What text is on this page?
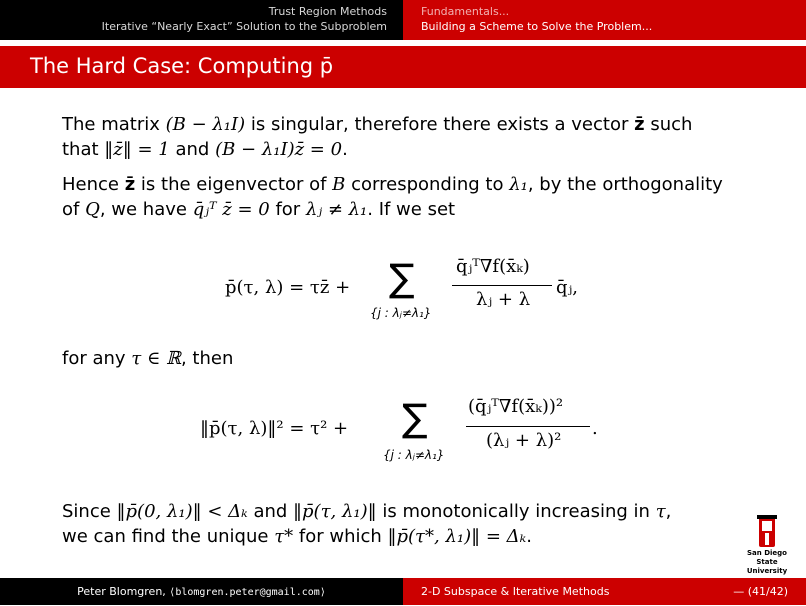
Trust Region Methods
Iterative “Nearly Exact” Solution to the Subproblem
Fundamentals...
Building a Scheme to Solve the Problem...
The Hard Case: Computing p̄

The matrix (B − λ₁I) is singular, therefore there exists a vector z̄ such
that ‖z̄‖ = 1 and (B − λ₁I)z̄ = 0.

Hence z̄ is the eigenvector of B corresponding to λ₁, by the orthogonality
of Q, we have q̄ⱼᵀ z̄ = 0 for λⱼ ≠ λ₁. If we set

p̄(τ, λ) = τz̄ + ∑
{j : λⱼ≠λ₁}
q̄ⱼᵀ∇f(x̄ₖ)
λⱼ + λ
q̄ⱼ,
for any τ ∈ ℝ, then
‖p̄(τ, λ)‖² = τ² + ∑
{j : λⱼ≠λ₁}
(q̄ⱼᵀ∇f(x̄ₖ))²
(λⱼ + λ)²
.
Since ‖p̄(0, λ₁)‖ < Δₖ and ‖p̄(τ, λ₁)‖ is monotonically increasing in τ,
we can find the unique τ* for which ‖p̄(τ*, λ₁)‖ = Δₖ.
San Diego State
University
Peter Blomgren, ⟨blomgren.peter@gmail.com⟩	2-D Subspace & Iterative Methods	— (41/42)
